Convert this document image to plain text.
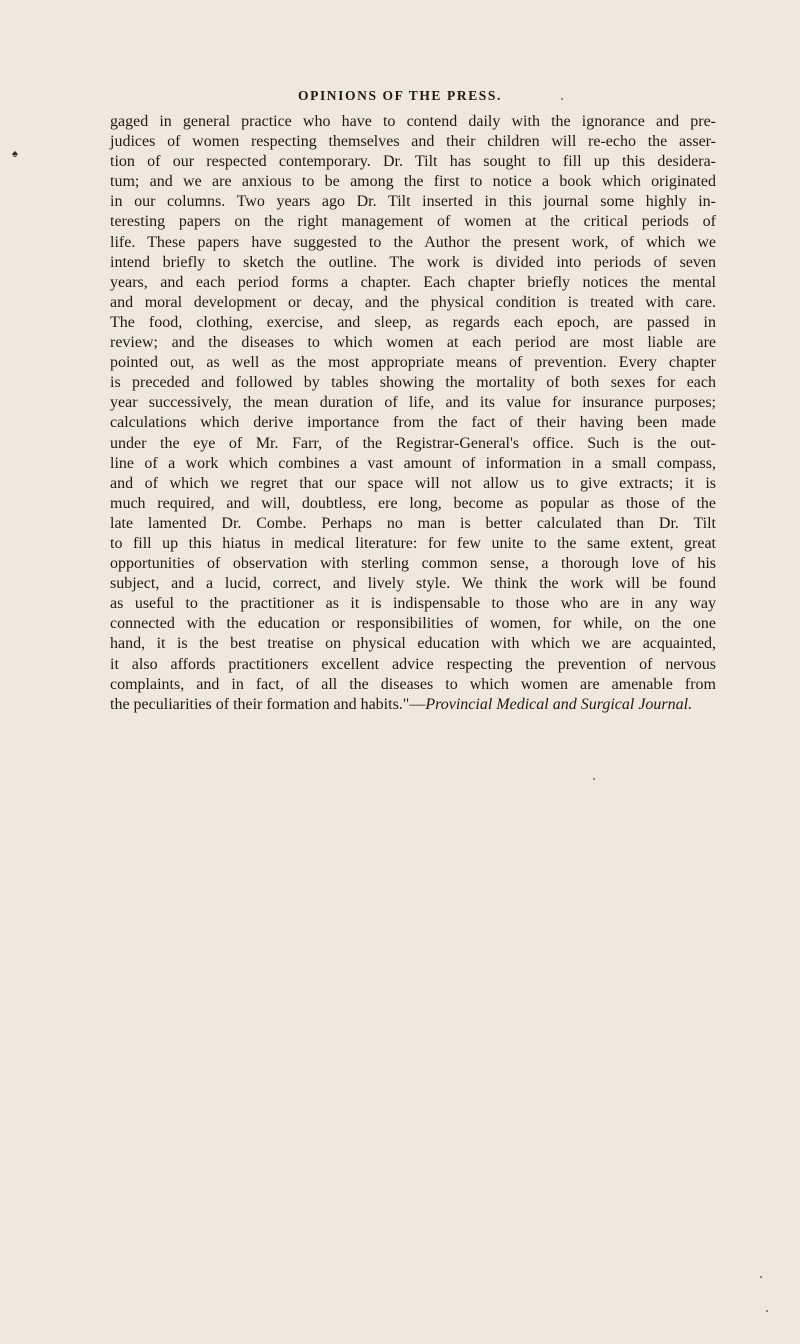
OPINIONS OF THE PRESS.
♠
gaged in general practice who have to contend daily with the ignorance and pre-
judices of women respecting themselves and their children will re-echo the asser-
tion of our respected contemporary. Dr. Tilt has sought to fill up this desidera-
tum; and we are anxious to be among the first to notice a book which originated
in our columns. Two years ago Dr. Tilt inserted in this journal some highly in-
teresting papers on the right management of women at the critical periods of
life. These papers have suggested to the Author the present work, of which we
intend briefly to sketch the outline. The work is divided into periods of seven
years, and each period forms a chapter. Each chapter briefly notices the mental
and moral development or decay, and the physical condition is treated with care.
The food, clothing, exercise, and sleep, as regards each epoch, are passed in
review; and the diseases to which women at each period are most liable are
pointed out, as well as the most appropriate means of prevention. Every chapter
is preceded and followed by tables showing the mortality of both sexes for each
year successively, the mean duration of life, and its value for insurance purposes;
calculations which derive importance from the fact of their having been made
under the eye of Mr. Farr, of the Registrar-General's office. Such is the out-
line of a work which combines a vast amount of information in a small compass,
and of which we regret that our space will not allow us to give extracts; it is
much required, and will, doubtless, ere long, become as popular as those of the
late lamented Dr. Combe. Perhaps no man is better calculated than Dr. Tilt
to fill up this hiatus in medical literature: for few unite to the same extent, great
opportunities of observation with sterling common sense, a thorough love of his
subject, and a lucid, correct, and lively style. We think the work will be found
as useful to the practitioner as it is indispensable to those who are in any way
connected with the education or responsibilities of women, for while, on the one
hand, it is the best treatise on physical education with which we are acquainted,
it also affords practitioners excellent advice respecting the prevention of nervous
complaints, and in fact, of all the diseases to which women are amenable from
the peculiarities of their formation and habits."—Provincial Medical and Surgical Journal.
